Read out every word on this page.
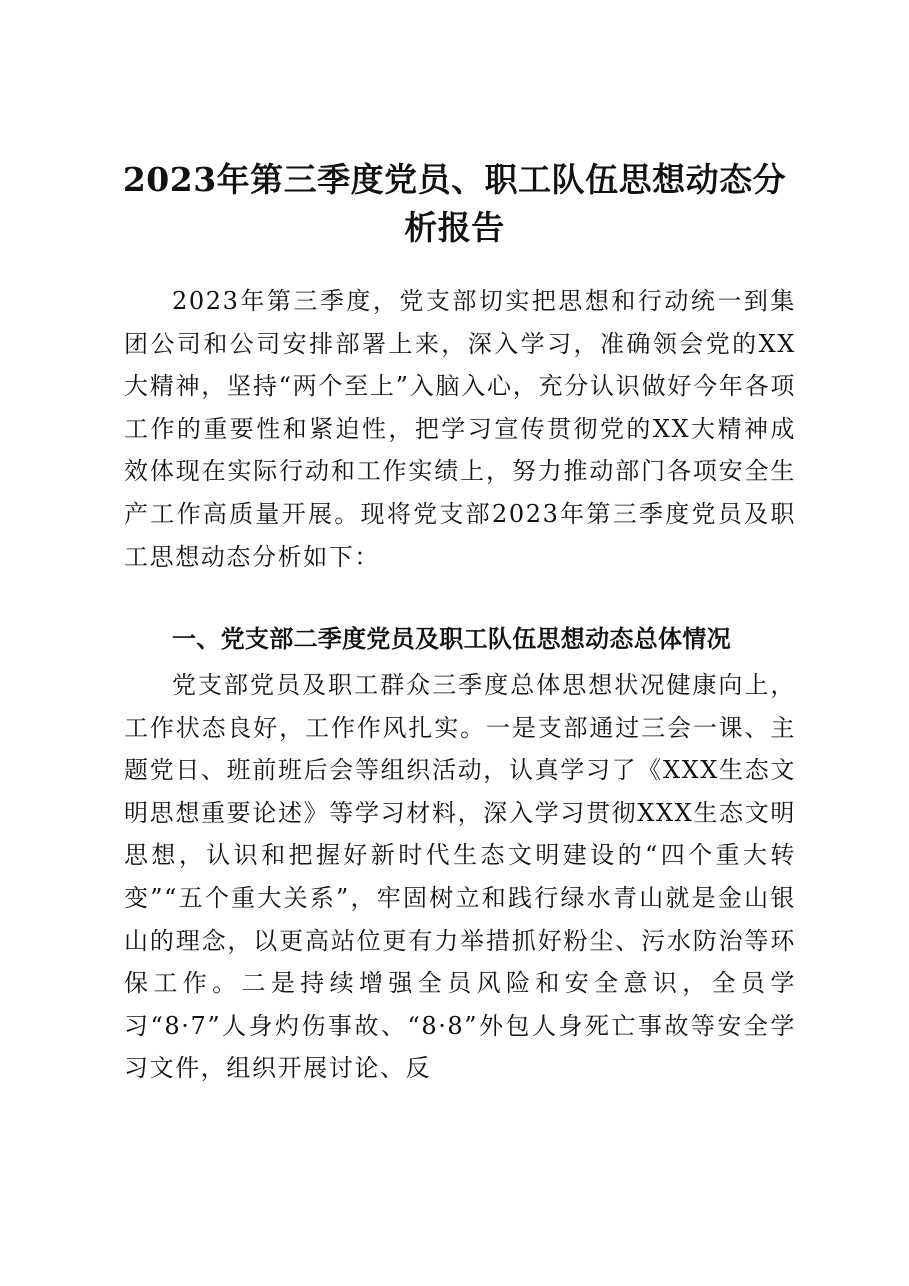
2023年第三季度党员、职工队伍思想动态分析报告
2023年第三季度，党支部切实把思想和行动统一到集团公司和公司安排部署上来，深入学习，准确领会党的XX大精神，坚持“两个至上”入脑入心，充分认识做好今年各项工作的重要性和紧迫性，把学习宣传贯彻党的XX大精神成效体现在实际行动和工作实绩上，努力推动部门各项安全生产工作高质量开展。现将党支部2023年第三季度党员及职工思想动态分析如下：
一、党支部二季度党员及职工队伍思想动态总体情况
党支部党员及职工群众三季度总体思想状况健康向上，工作状态良好，工作作风扎实。一是支部通过三会一课、主题党日、班前班后会等组织活动，认真学习了《XXX生态文明思想重要论述》等学习材料，深入学习贯彻XXX生态文明思想，认识和把握好新时代生态文明建设的“四个重大转变”“五个重大关系”，牢固树立和践行绿水青山就是金山银山的理念，以更高站位更有力举措抓好粉尘、污水防治等环保工作。二是持续增强全员风险和安全意识，全员学习“8·7”人身灼伤事故、“8·8”外包人身死亡事故等安全学习文件，组织开展讨论、反
